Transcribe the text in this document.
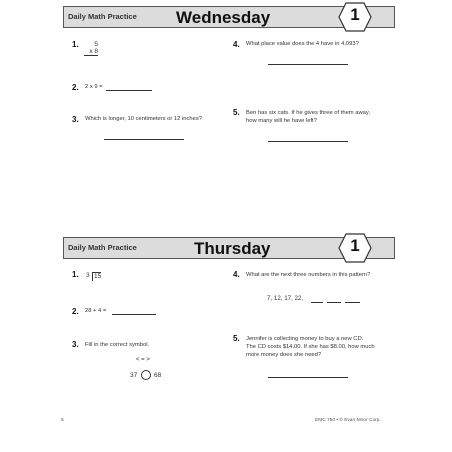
Daily Math Practice Wednesday	1
1.	5
x 8
2. 2 x 9 =
3. Which is longer, 10 centimeters or 12 inches?
4. What place value does the 4 have in 4,093?
5. Ben has six cats. If he gives three of them away,
how many will he have left?
Daily Math Practice	Thursday	1
1. 3 15
2. 28 + 4 =
3. Fill in the correct symbol.
< = >
37	68
4. What are the next three numbers in this pattern?
7, 12, 17, 22,
5. Jennifer is collecting money to buy a new CD.
The CD costs $14.00. If she has $8.00, how much
more money does she need?
6	EMC 750 • © Evan-Moor Corp.
